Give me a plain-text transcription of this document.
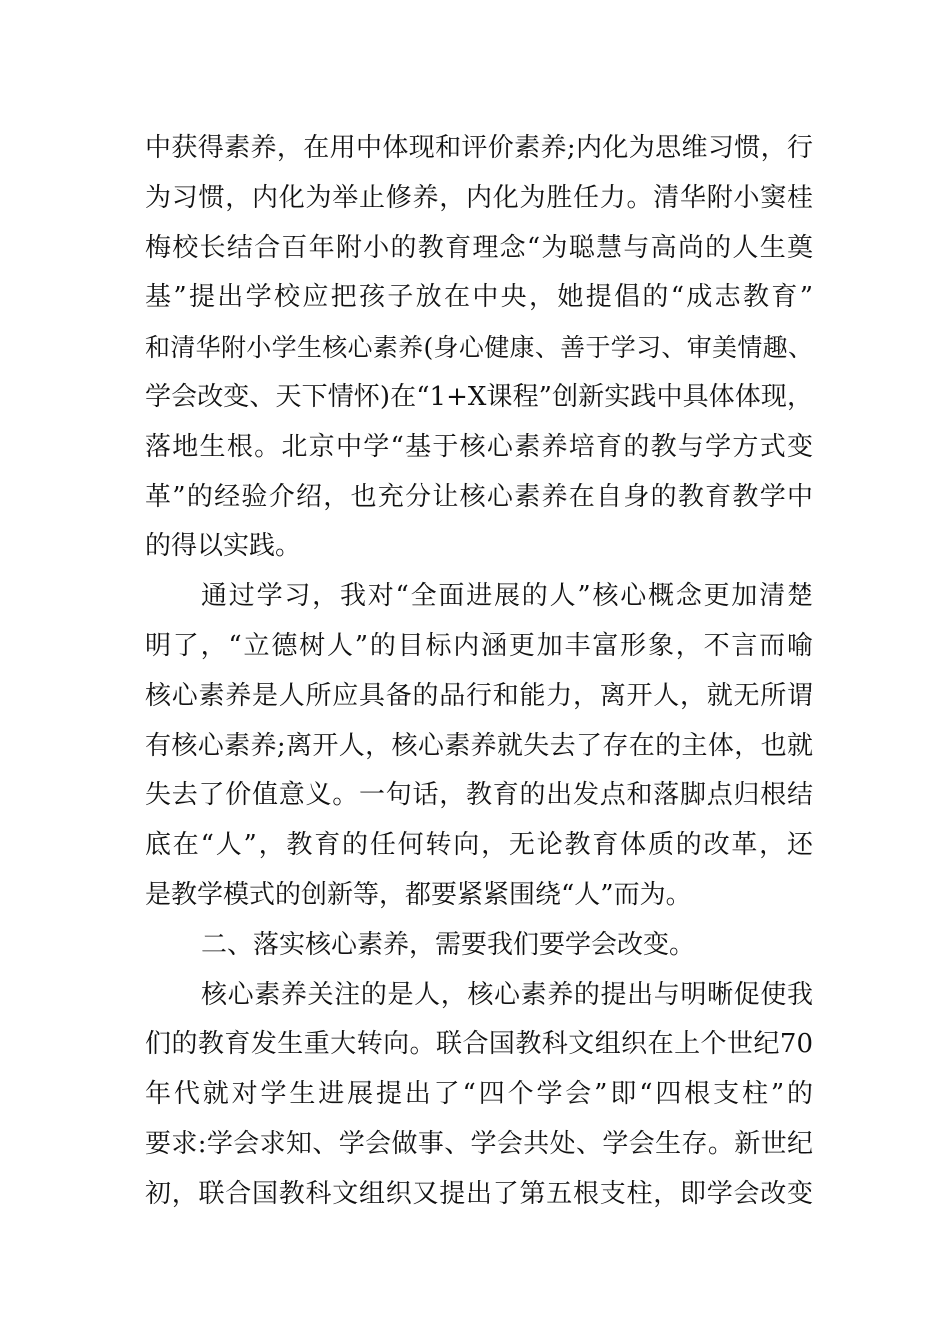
中获得素养，在用中体现和评价素养;内化为思维习惯，行
为习惯，内化为举止修养，内化为胜任力。清华附小窦桂
梅校长结合百年附小的教育理念“为聪慧与高尚的人生奠
基”提出学校应把孩子放在中央，她提倡的“成志教育”
和清华附小学生核心素养(身心健康、善于学习、审美情趣、
学会改变、天下情怀)在“1+X课程”创新实践中具体体现，
落地生根。北京中学“基于核心素养培育的教与学方式变
革”的经验介绍，也充分让核心素养在自身的教育教学中
的得以实践。
通过学习，我对“全面进展的人”核心概念更加清楚
明了，“立德树人”的目标内涵更加丰富形象，不言而喻
核心素养是人所应具备的品行和能力，离开人，就无所谓
有核心素养;离开人，核心素养就失去了存在的主体，也就
失去了价值意义。一句话，教育的出发点和落脚点归根结
底在“人”，教育的任何转向，无论教育体质的改革，还
是教学模式的创新等，都要紧紧围绕“人”而为。
二、落实核心素养，需要我们要学会改变。
核心素养关注的是人，核心素养的提出与明晰促使我
们的教育发生重大转向。联合国教科文组织在上个世纪70
年代就对学生进展提出了“四个学会”即“四根支柱”的
要求:学会求知、学会做事、学会共处、学会生存。新世纪
初，联合国教科文组织又提出了第五根支柱，即学会改变
